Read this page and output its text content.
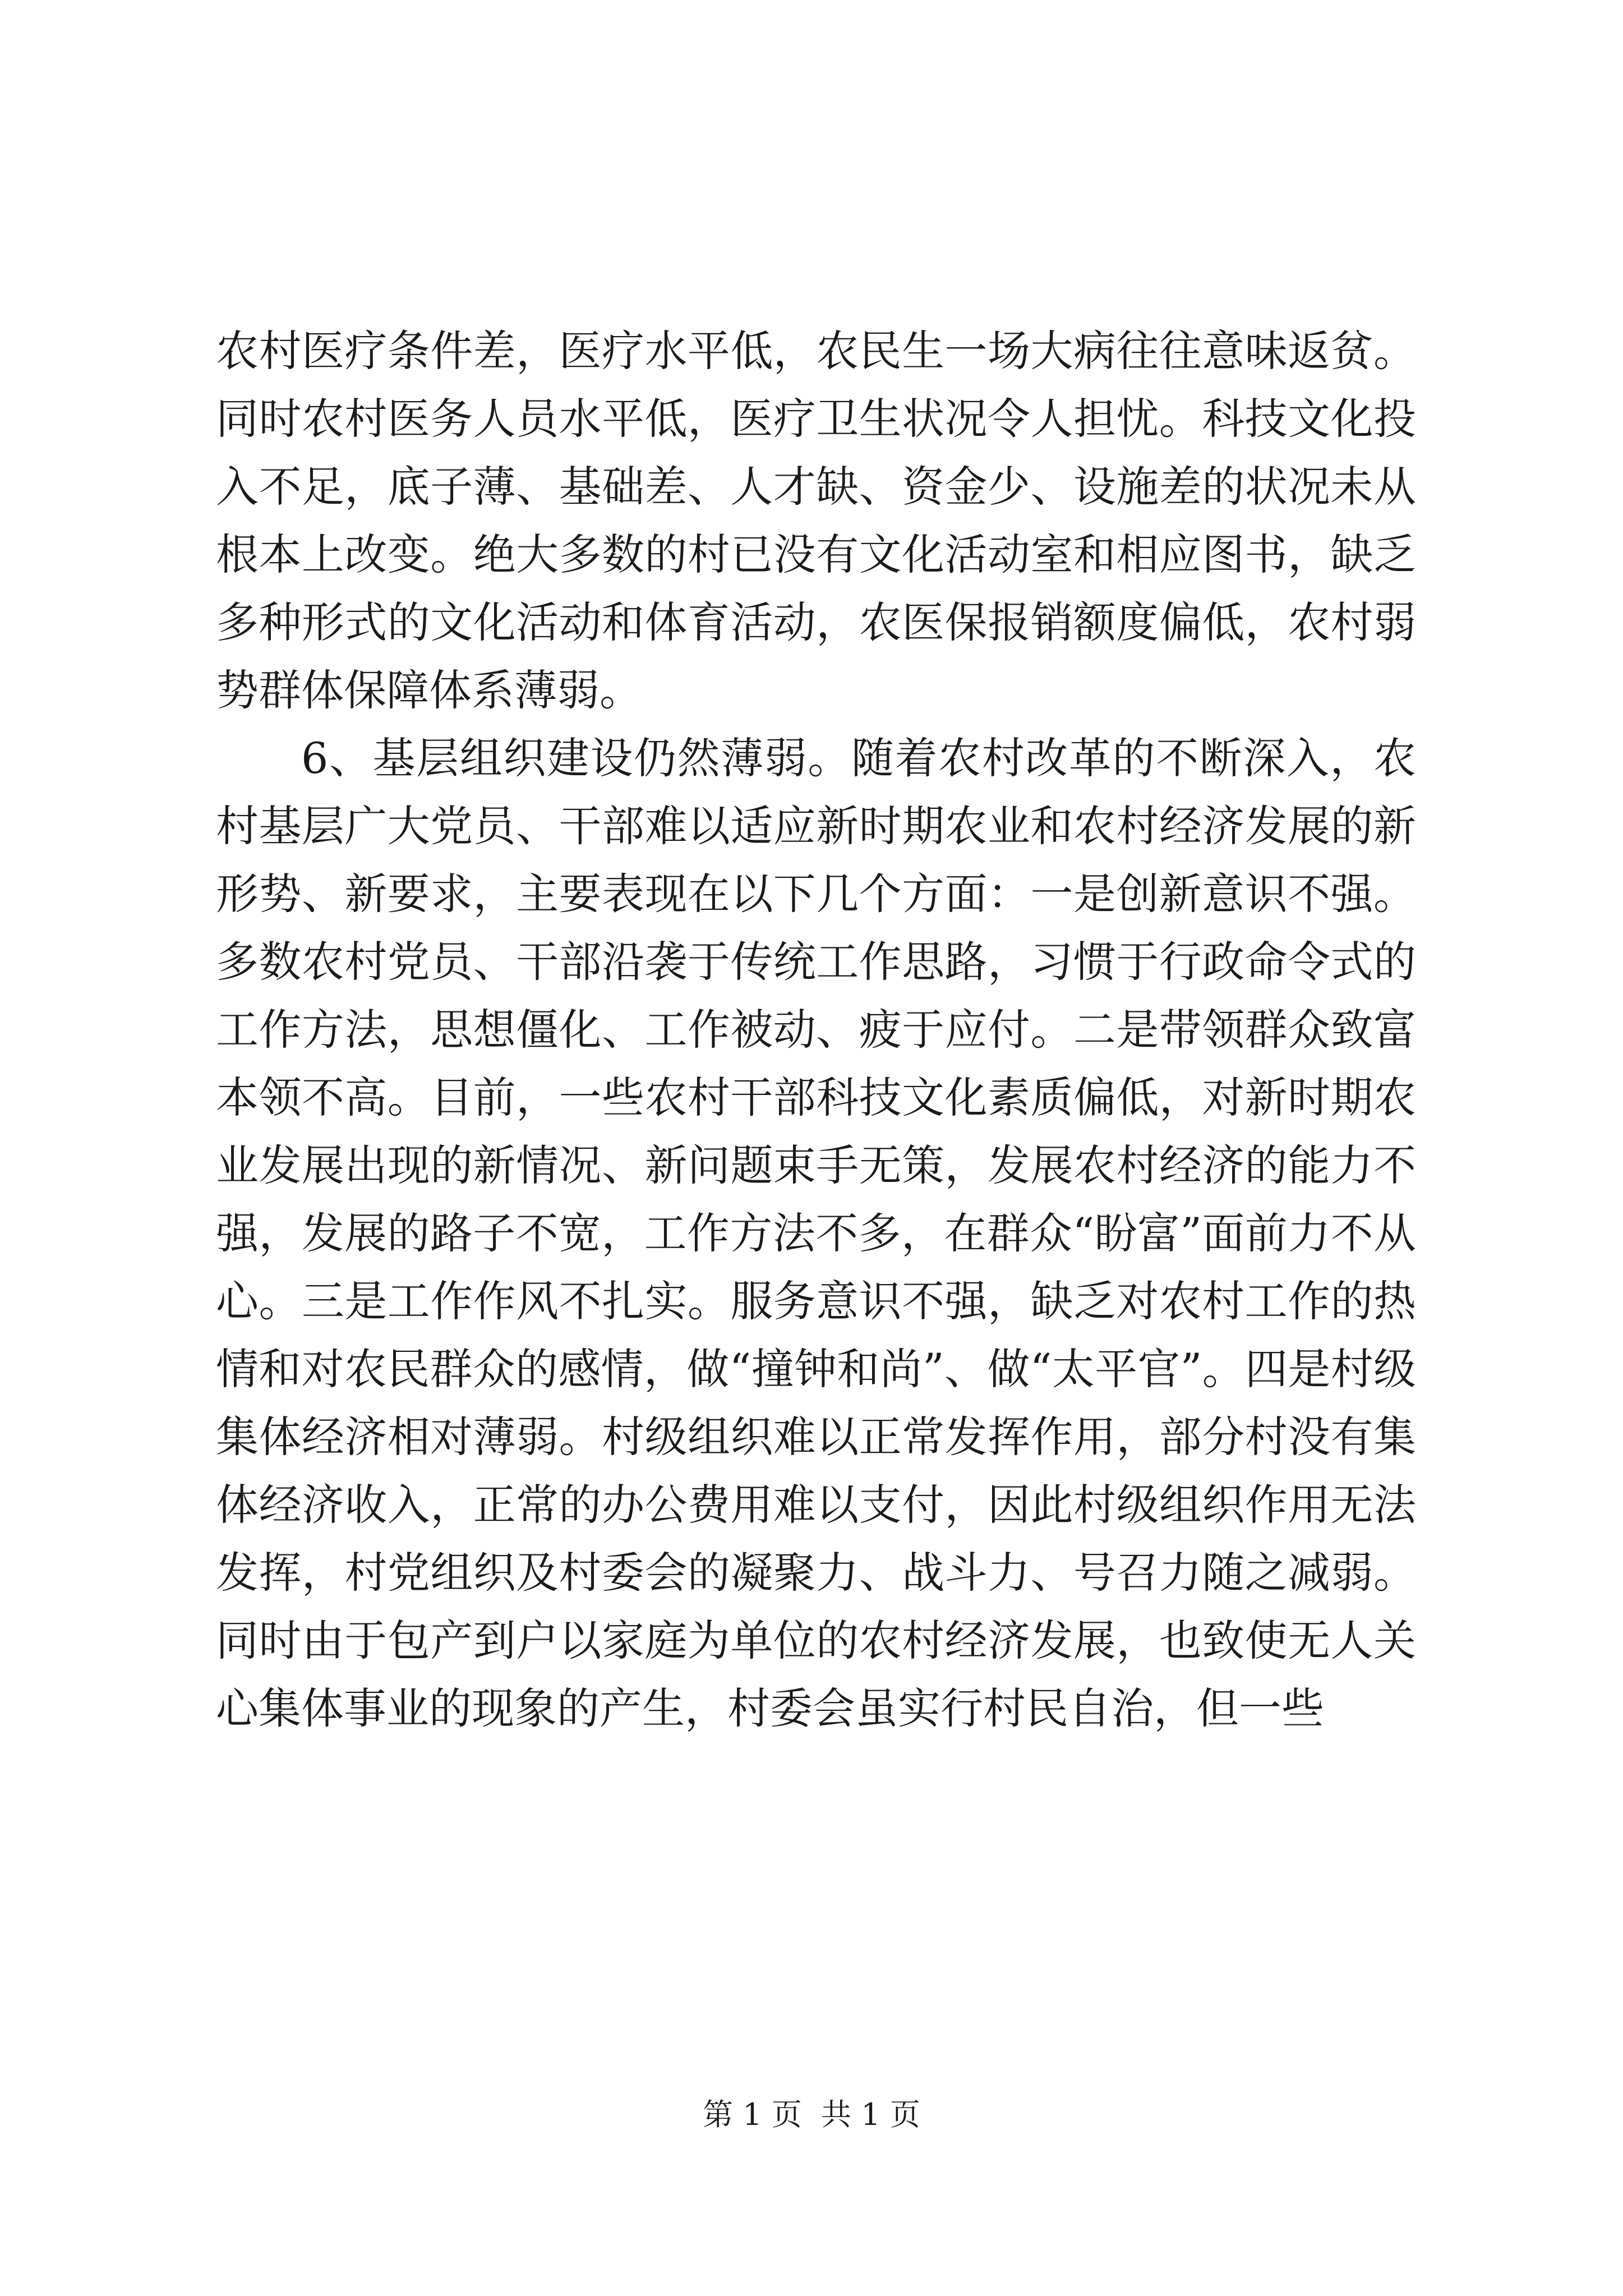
农村医疗条件差，医疗水平低，农民生一场大病往往意味返贫。同时农村医务人员水平低，医疗卫生状况令人担忧。科技文化投入不足，底子薄、基础差、人才缺、资金少、设施差的状况未从根本上改变。绝大多数的村已没有文化活动室和相应图书，缺乏多种形式的文化活动和体育活动，农医保报销额度偏低，农村弱势群体保障体系薄弱。

6、基层组织建设仍然薄弱。随着农村改革的不断深入，农村基层广大党员、干部难以适应新时期农业和农村经济发展的新形势、新要求，主要表现在以下几个方面：一是创新意识不强。多数农村党员、干部沿袭于传统工作思路，习惯于行政命令式的工作方法，思想僵化、工作被动、疲于应付。二是带领群众致富本领不高。目前，一些农村干部科技文化素质偏低，对新时期农业发展出现的新情况、新问题束手无策，发展农村经济的能力不强，发展的路子不宽，工作方法不多，在群众“盼富”面前力不从心。三是工作作风不扎实。服务意识不强，缺乏对农村工作的热情和对农民群众的感情，做“撞钟和尚”、做“太平官”。四是村级集体经济相对薄弱。村级组织难以正常发挥作用，部分村没有集体经济收入，正常的办公费用难以支付，因此村级组织作用无法发挥，村党组织及村委会的凝聚力、战斗力、号召力随之减弱。同时由于包产到户以家庭为单位的农村经济发展，也致使无人关心集体事业的现象的产生，村委会虽实行村民自治，但一些

第 1 页  共 1 页
